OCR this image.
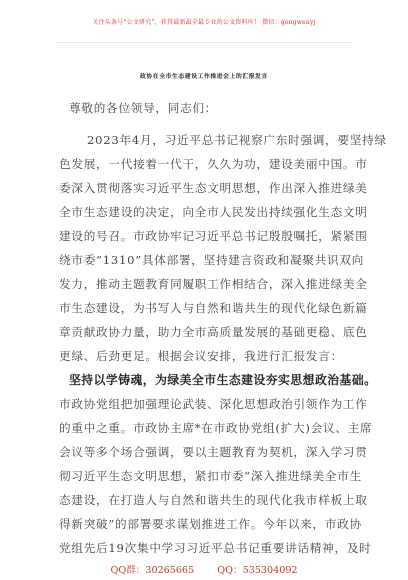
关注头条号“公文研究”，获得最新最全最专业的公文资料库！ 微信：gongwenyj
政协在全市生态建设工作推进会上的汇报发言
尊敬的各位领导，同志们：
2023年4月，习近平总书记视察广东时强调，要坚持绿
色发展，一代接着一代干，久久为功，建设美丽中国。市
委深入贯彻落实习近平生态文明思想，作出深入推进绿美
全市生态建设的决定，向全市人民发出持续强化生态文明
建设的号召。市政协牢记习近平总书记殷殷嘱托，紧紧围
绕市委“1310”具体部署，坚持建言资政和凝聚共识双向
发力，推动主题教育同履职工作相结合，深入推进绿美全
市生态建设，为书写人与自然和谐共生的现代化绿色新篇
章贡献政协力量，助力全市高质量发展的基础更稳、底色
更绿、后劲更足。根据会议安排，我进行汇报发言：
坚持以学铸魂，为绿美全市生态建设夯实思想政治基础。
市政协党组把加强理论武装、深化思想政治引领作为工作
的重中之重。市政协主席*在市政协党组(扩大)会议、主席
会议等多个场合强调，要以主题教育为契机，深入学习贯
彻习近平生态文明思想，紧扣市委“深入推进绿美全市生
态建设，在打造人与自然和谐共生的现代化我市样板上取
得新突破”的部署要求谋划推进工作。今年以来，市政协
党组先后19次集中学习习近平总书记重要讲话精神，及时
QQ群：30265665 QQ：535304092
